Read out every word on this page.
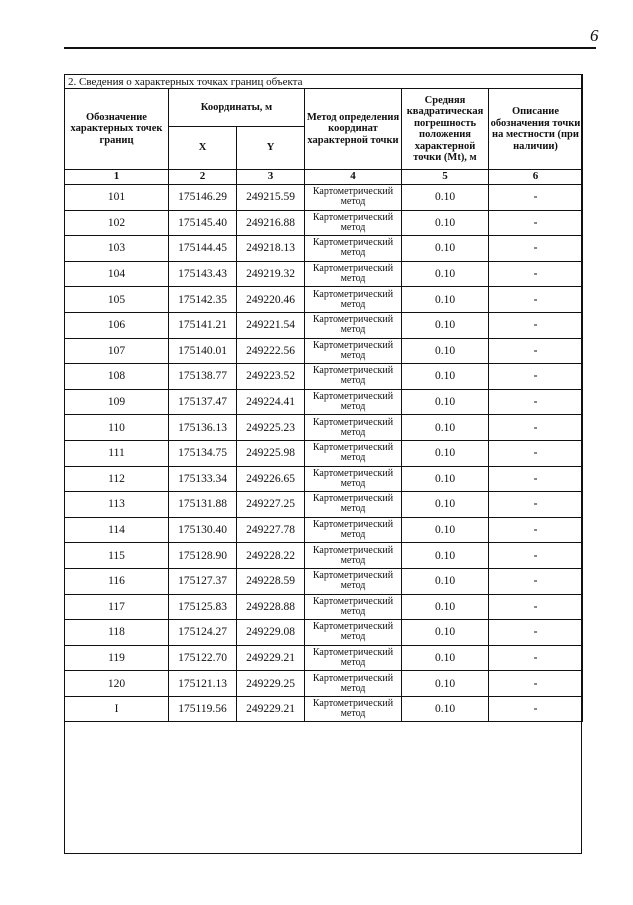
6
2. Сведения о характерных точках границ объекта					
Обозначение характерных точек границ	Координаты, м		Метод определения координат характерной точки	Средняя квадратическая погрешность положения характерной точки (Mt), м	Описание обозначения точки на местности (при наличии)
	X	Y			
1	2	3	4	5	6
101	175146.29	249215.59	Картометрический метод	0.10	-
102	175145.40	249216.88	Картометрический метод	0.10	-
103	175144.45	249218.13	Картометрический метод	0.10	-
104	175143.43	249219.32	Картометрический метод	0.10	-
105	175142.35	249220.46	Картометрический метод	0.10	-
106	175141.21	249221.54	Картометрический метод	0.10	-
107	175140.01	249222.56	Картометрический метод	0.10	-
108	175138.77	249223.52	Картометрический метод	0.10	-
109	175137.47	249224.41	Картометрический метод	0.10	-
110	175136.13	249225.23	Картометрический метод	0.10	-
111	175134.75	249225.98	Картометрический метод	0.10	-
112	175133.34	249226.65	Картометрический метод	0.10	-
113	175131.88	249227.25	Картометрический метод	0.10	-
114	175130.40	249227.78	Картометрический метод	0.10	-
115	175128.90	249228.22	Картометрический метод	0.10	-
116	175127.37	249228.59	Картометрический метод	0.10	-
117	175125.83	249228.88	Картометрический метод	0.10	-
118	175124.27	249229.08	Картометрический метод	0.10	-
119	175122.70	249229.21	Картометрический метод	0.10	-
120	175121.13	249229.25	Картометрический метод	0.10	-
I	175119.56	249229.21	Картометрический метод	0.10	-
